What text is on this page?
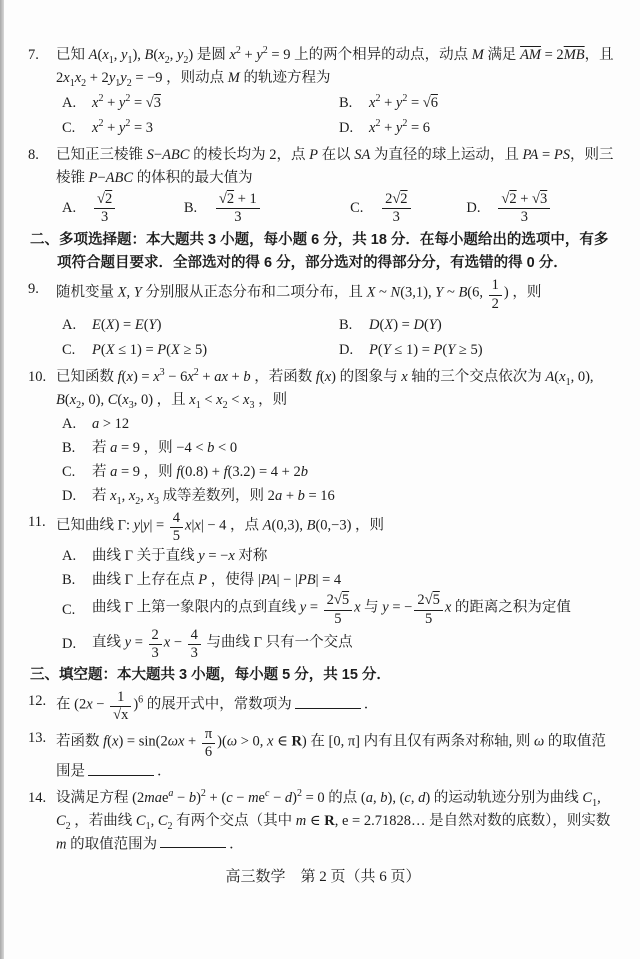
7. 已知 $A(x_1$, $y_1$), $B(x_2$, $y_2$) 是圆 $x^2 + y^2 = 9$ 上的两个相异的动点，动点 M 满足 $\overline{AM} = 2\overline{MB}$，且 $2x_1x_2 + 2y_1y_2 = -9$ ，则动点 M 的轨迹方程为
A.	$x^2 + y^2 = √3$	B.	$x^2 + y^2 = √6$
C.	$x^2 + y^2 = 3$	D.	$x^2 + y^2 = 6$
8. 已知正三棱锥 S−ABC 的棱长均为 2，点 P 在以 SA 为直径的球上运动，且 PA = PS，则三棱锥 P−ABC 的体积的最大值为
A.	$\frac{√2}{3}$	B.	$\frac{√2 + 1}{3}$	C.	$\frac{2√2}{3}$	D.	$\frac{√2 + √3}{3}$
二、多项选择题：本大题共 3 小题，每小题 6 分，共 18 分．在每小题给出的选项中，有多项符合题目要求．全部选对的得 6 分，部分选对的得部分分，有选错的得 0 分．
9. 随机变量 X, Y 分别服从正态分布和二项分布，且 X ~ N(3,1), Y ~ B(6, $\frac{1}{2}$ ) ，则
A.	E(X) = E(Y)	B.	D(X) = D(Y)
C.	P(X ≤ 1) = P(X ≥ 5)	D.	P(Y ≤ 1) = P(Y ≥ 5)
10. 已知函数 $f(x) = x^3 - 6x^2$ + ax + b ，若函数 f(x) 的图象与 x 轴的三个交点依次为 $A(x_1$, 0), $B(x_2$, 0), $C(x_3$, 0) ，且 $x_1 < x_2 < x_3$ ，则
A.	a > 12
B.	若 a = 9 ，则 −4 < b < 0
C.	若 a = 9 ，则 f(0.8) + f(3.2) = 4 + 2b
D.	若 $x_1$, $x_2$, $x_3$ 成等差数列，则 2a + b = 16
11. 已知曲线 Γ: $y|y| = \frac{4}{5} x|x| - 4$ ，点 A(0,3), B(0,−3) ，则
A.	曲线 Γ 关于直线 y = −x 对称
B.	曲线 Γ 上存在点 P ，使得 |PA| − |PB| = 4
C.	曲线 Γ 上第一象限内的点到直线 $y = \frac{2√5}{5}$ x 与 y = − $\frac{2√5}{5}$ x 的距离之积为定值
D.	直线 $y = \frac{2}{3}$ $x - \frac{4}{3}$ 与曲线 Γ 只有一个交点
三、填空题：本大题共 3 小题，每小题 5 分，共 15 分．
12. 在 $(2x - \frac{1}{√x} )^6$ 的展开式中，常数项为	．
13. 若函数 $f(x) = \sin(2\omega x + \frac{\pi}{6} )(\omega > 0$, x ∈ R) 在 [0, π] 内有且仅有两条对称轴, 则 ω 的取值范围是	．
14. 设满足方程 $(2mae^a - b)^2 + (c - me^c - d)^2 = 0$ 的点 (a, b), (c, d) 的运动轨迹分别为曲线 $C_1$, $C_2$ ，若曲线 $C_1$, $C_2$ 有两个交点（其中 m ∈ R, e = 2.71828… 是自然对数的底数），则实数 m 的取值范围为	．
高三数学　第 2 页（共 6 页）
